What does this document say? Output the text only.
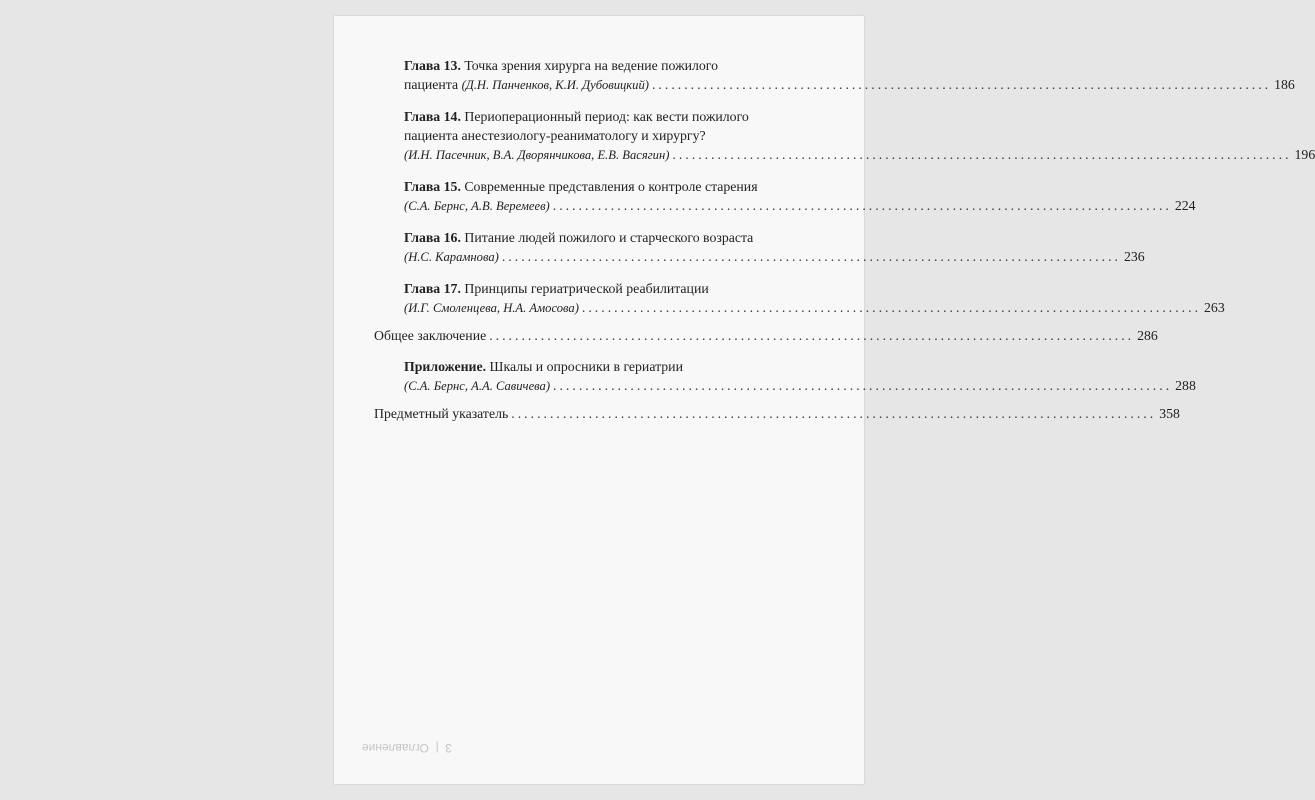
Глава 13. Точка зрения хирурга на ведение пожилого
пациента (Д.Н. Панченков, К.И. Дубовицкий) ................................................................................................ 186
Глава 14. Периоперационный период: как вести пожилого
пациента анестезиологу-реаниматологу и хирургу?
(И.Н. Пасечник, В.А. Дворянчикова, Е.В. Васягин) ................................................................................................ 196
Глава 15. Современные представления о контроле старения
(С.А. Бернс, А.В. Веремеев) ................................................................................................ 224
Глава 16. Питание людей пожилого и старческого возраста
(Н.С. Карамнова) ................................................................................................ 236
Глава 17. Принципы гериатрической реабилитации
(И.Г. Смоленцева, Н.А. Амосова) ................................................................................................ 263
Общее заключение .................................................................................................... 286
Приложение. Шкалы и опросники в гериатрии
(С.А. Бернс, А.А. Савичева) ................................................................................................ 288
Предметный указатель .................................................................................................... 358
3  |  Оглавление
